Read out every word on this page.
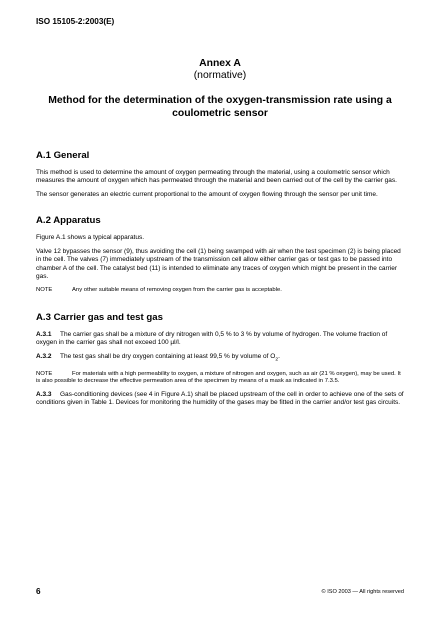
ISO 15105-2:2003(E)
Annex A
(normative)
Method for the determination of the oxygen-transmission rate using a coulometric sensor
A.1 General

This method is used to determine the amount of oxygen permeating through the material, using a coulometric sensor which measures the amount of oxygen which has permeated through the material and been carried out of the cell by the carrier gas.

The sensor generates an electric current proportional to the amount of oxygen flowing through the sensor per unit time.

A.2 Apparatus

Figure A.1 shows a typical apparatus.

Valve 12 bypasses the sensor (9), thus avoiding the cell (1) being swamped with air when the test specimen (2) is being placed in the cell. The valves (7) immediately upstream of the transmission cell allow either carrier gas or test gas to be passed into chamber A of the cell. The catalyst bed (11) is intended to eliminate any traces of oxygen which might be present in the carrier gas.

NOTE	Any other suitable means of removing oxygen from the carrier gas is acceptable.
A.3 Carrier gas and test gas

A.3.1 The carrier gas shall be a mixture of dry nitrogen with 0,5 % to 3 % by volume of hydrogen. The volume fraction of oxygen in the carrier gas shall not exceed 100 µl/l.

A.3.2 The test gas shall be dry oxygen containing at least 99,5 % by volume of $O_2$.

NOTE	For materials with a high permeability to oxygen, a mixture of nitrogen and oxygen, such as air (21 % oxygen), may be used. It is also possible to decrease the effective permeation area of the specimen by means of a mask as indicated in 7.3.5.

A.3.3 Gas-conditioning devices (see 4 in Figure A.1) shall be placed upstream of the cell in order to achieve one of the sets of conditions given in Table 1. Devices for monitoring the humidity of the gases may be fitted in the carrier and/or test gas circuits.

6	© ISO 2003 — All rights reserved
